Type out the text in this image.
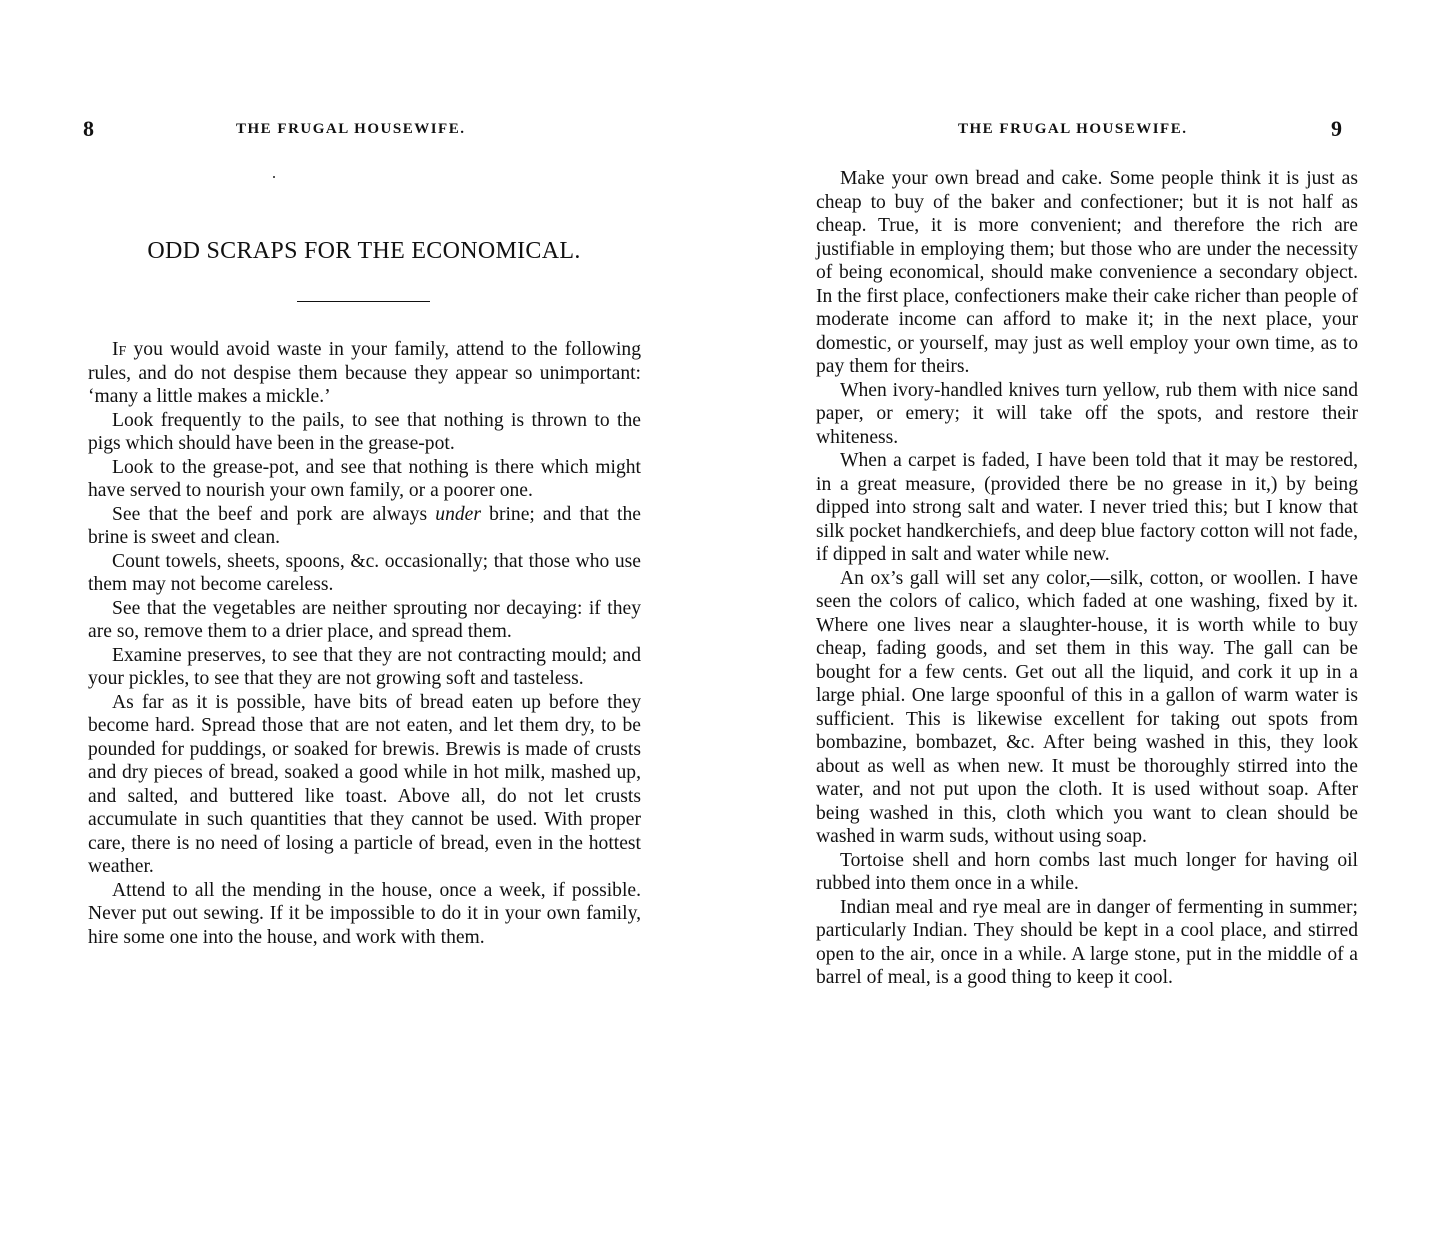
8	THE FRUGAL HOUSEWIFE.
ODD SCRAPS FOR THE ECONOMICAL.

If you would avoid waste in your family, attend to the following rules, and do not despise them because they appear so unimportant: ‘many a little makes a mickle.’

Look frequently to the pails, to see that nothing is thrown to the pigs which should have been in the grease-pot.

Look to the grease-pot, and see that nothing is there which might have served to nourish your own family, or a poorer one.

See that the beef and pork are always under brine; and that the brine is sweet and clean.

Count towels, sheets, spoons, &c. occasionally; that those who use them may not become careless.

See that the vegetables are neither sprouting nor decaying: if they are so, remove them to a drier place, and spread them.

Examine preserves, to see that they are not contracting mould; and your pickles, to see that they are not growing soft and tasteless.

As far as it is possible, have bits of bread eaten up before they become hard. Spread those that are not eaten, and let them dry, to be pounded for puddings, or soaked for brewis. Brewis is made of crusts and dry pieces of bread, soaked a good while in hot milk, mashed up, and salted, and buttered like toast. Above all, do not let crusts accumulate in such quantities that they cannot be used. With proper care, there is no need of losing a particle of bread, even in the hottest weather.

Attend to all the mending in the house, once a week, if possible. Never put out sewing. If it be impossible to do it in your own family, hire some one into the house, and work with them.

THE FRUGAL HOUSEWIFE.	9

Make your own bread and cake. Some people think it is just as cheap to buy of the baker and confectioner; but it is not half as cheap. True, it is more convenient; and therefore the rich are justifiable in employing them; but those who are under the necessity of being economical, should make convenience a secondary object. In the first place, confectioners make their cake richer than people of moderate income can afford to make it; in the next place, your domestic, or yourself, may just as well employ your own time, as to pay them for theirs.

When ivory-handled knives turn yellow, rub them with nice sand paper, or emery; it will take off the spots, and restore their whiteness.

When a carpet is faded, I have been told that it may be restored, in a great measure, (provided there be no grease in it,) by being dipped into strong salt and water. I never tried this; but I know that silk pocket handkerchiefs, and deep blue factory cotton will not fade, if dipped in salt and water while new.

An ox’s gall will set any color,—silk, cotton, or woollen. I have seen the colors of calico, which faded at one washing, fixed by it. Where one lives near a slaughter-house, it is worth while to buy cheap, fading goods, and set them in this way. The gall can be bought for a few cents. Get out all the liquid, and cork it up in a large phial. One large spoonful of this in a gallon of warm water is sufficient. This is likewise excellent for taking out spots from bombazine, bombazet, &c. After being washed in this, they look about as well as when new. It must be thoroughly stirred into the water, and not put upon the cloth. It is used without soap. After being washed in this, cloth which you want to clean should be washed in warm suds, without using soap.

Tortoise shell and horn combs last much longer for having oil rubbed into them once in a while.

Indian meal and rye meal are in danger of fermenting in summer; particularly Indian. They should be kept in a cool place, and stirred open to the air, once in a while. A large stone, put in the middle of a barrel of meal, is a good thing to keep it cool.
